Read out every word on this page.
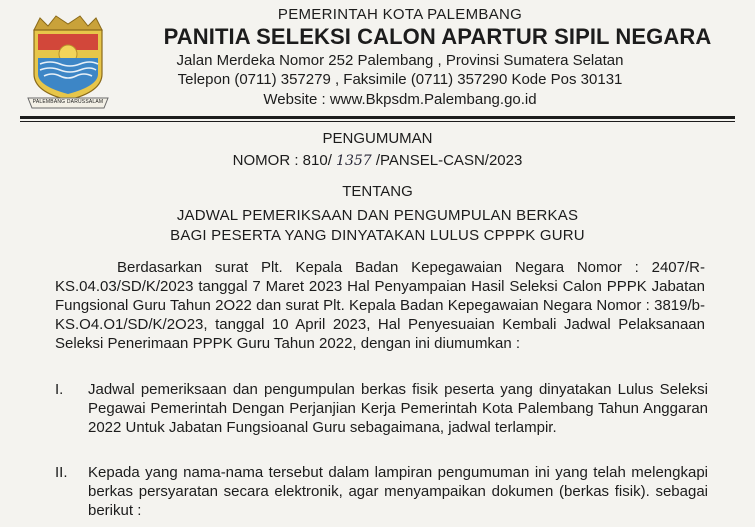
PALEMBANG DARUSSALAM
PEMERINTAH KOTA PALEMBANG
PANITIA SELEKSI CALON APARTUR SIPIL NEGARA
Jalan Merdeka Nomor 252 Palembang , Provinsi Sumatera Selatan
Telepon (0711) 357279 , Faksimile (0711) 357290 Kode Pos 30131
Website : www.Bkpsdm.Palembang.go.id
PENGUMUMAN
NOMOR : 810/ 1357 /PANSEL-CASN/2023
TENTANG
JADWAL PEMERIKSAAN DAN PENGUMPULAN BERKAS
BAGI PESERTA YANG DINYATAKAN LULUS CPPPK GURU
Berdasarkan surat Plt. Kepala Badan Kepegawaian Negara Nomor : 2407/R-KS.04.03/SD/K/2023 tanggal 7 Maret 2023 Hal Penyampaian Hasil Seleksi Calon PPPK Jabatan Fungsional Guru Tahun 2O22 dan surat Plt. Kepala Badan Kepegawaian Negara Nomor : 3819/b-KS.O4.O1/SD/K/2O23, tanggal 10 April 2023, Hal Penyesuaian Kembali Jadwal Pelaksanaan Seleksi Penerimaan PPPK Guru Tahun 2022, dengan ini diumumkan :
I.	Jadwal pemeriksaan dan pengumpulan berkas fisik peserta yang dinyatakan Lulus Seleksi Pegawai Pemerintah Dengan Perjanjian Kerja Pemerintah Kota Palembang Tahun Anggaran 2022 Untuk Jabatan Fungsioanal Guru sebagaimana, jadwal terlampir.
II.	Kepada yang nama-nama tersebut dalam lampiran pengumuman ini yang telah melengkapi berkas persyaratan secara elektronik, agar menyampaikan dokumen (berkas fisik). sebagai berikut :
